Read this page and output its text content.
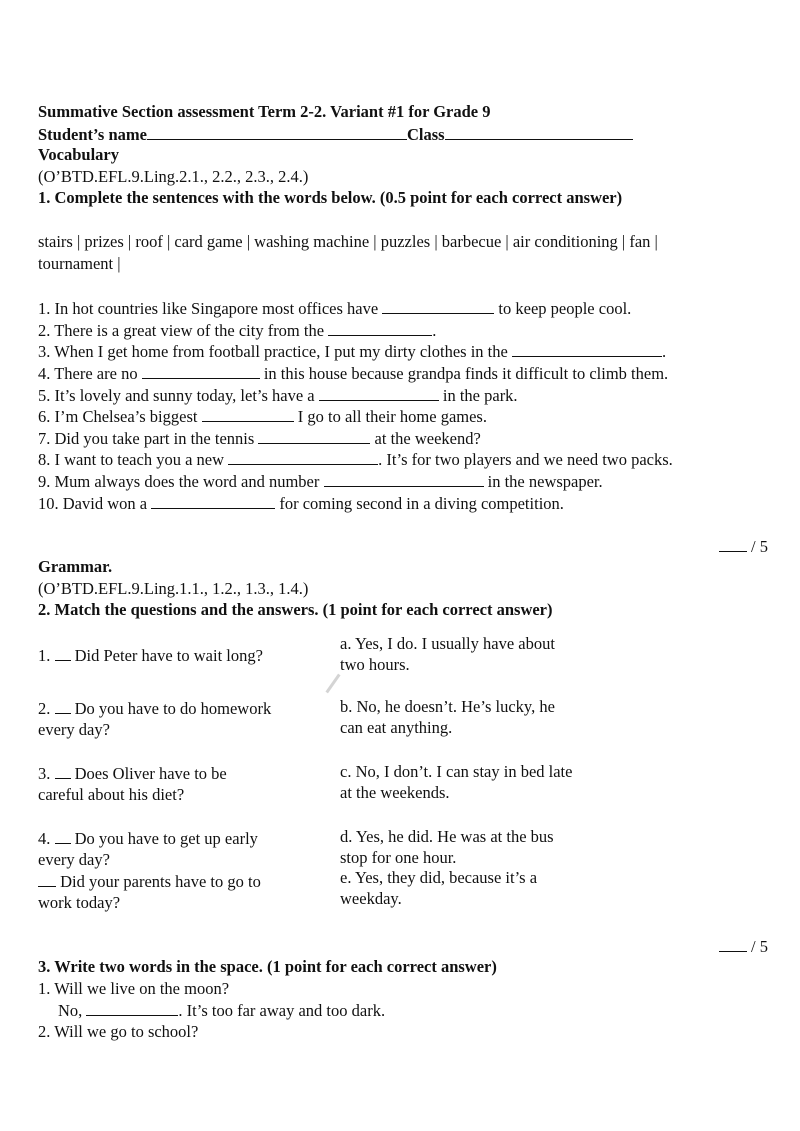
Summative Section assessment Term 2-2. Variant #1 for Grade 9
Student’s name	Class
Vocabulary
(O’BTD.EFL.9.Ling.2.1., 2.2., 2.3., 2.4.)
1. Complete the sentences with the words below. (0.5 point for each correct answer)
stairs | prizes | roof | card game | washing machine | puzzles | barbecue | air conditioning | fan |
tournament |
1. In hot countries like Singapore most offices have	to keep people cool.
2. There is a great view of the city from the	.
3. When I get home from football practice, I put my dirty clothes in the	.
4. There are no	in this house because grandpa finds it difficult to climb them.
5. It’s lovely and sunny today, let’s have a	in the park.
6. I’m Chelsea’s biggest	I go to all their home games.
7. Did you take part in the tennis	at the weekend?
8. I want to teach you a new	. It’s for two players and we need two packs.
9. Mum always does the word and number	in the newspaper.
10. David won a	for coming second in a diving competition.
/ 5
Grammar.
(O’BTD.EFL.9.Ling.1.1., 1.2., 1.3., 1.4.)
2. Match the questions and the answers. (1 point for each correct answer)
1.  Did Peter have to wait long?
a. Yes, I do. I usually have about
two hours.
2.  Do you have to do homework
every day?
b. No, he doesn’t. He’s lucky, he
can eat anything.
3.  Does Oliver have to be
careful about his diet?
c. No, I don’t. I can stay in bed late
at the weekends.
4.  Do you have to get up early
every day?
Did your parents have to go to
work today?
d. Yes, he did. He was at the bus
stop for one hour.
e. Yes, they did, because it’s a
weekday.
/ 5
3. Write two words in the space. (1 point for each correct answer)
1. Will we live on the moon?
No,	. It’s too far away and too dark.
2. Will we go to school?
